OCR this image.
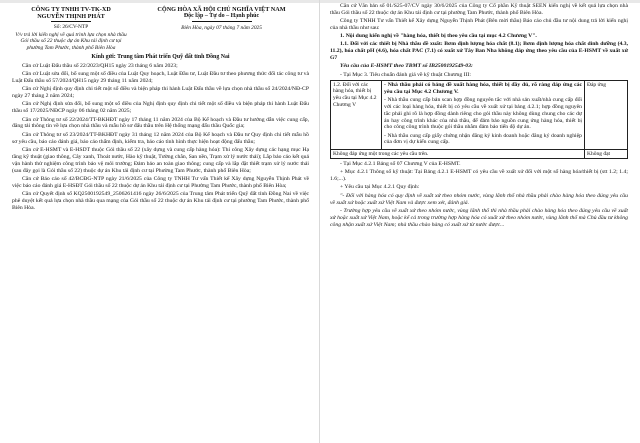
CÔNG TY TNHH TV-TK-XD
NGUYỄN THỊNH PHÁT
Số: 26/CV-NTP
V/v trả lời kiến nghị về quá trình lựa chọn nhà thầu Gói thầu số 22 thuộc dự án Khu tái định cư tại phường Tam Phước, thành phố Biên Hòa
CỘNG HÒA XÃ HỘI CHỦ NGHĨA VIỆT NAM
Độc lập – Tự do – Hạnh phúc
Biên Hòa, ngày 07 tháng 7 năm 2025
Kính gửi: Trung tâm Phát triển Quỹ đất tỉnh Đồng Nai

Căn cứ Luật Đấu thầu số 22/2023/QH15 ngày 23 tháng 6 năm 2023;

Căn cứ Luật sửa đổi, bổ sung một số điều của Luật Quy hoạch, Luật Đầu tư, Luật Đầu tư theo phương thức đối tác công tư và Luật Đấu thầu số 57/2024/QH15 ngày 29 tháng 11 năm 2024;

Căn cứ Nghị định quy định chi tiết một số điều và biện pháp thi hành Luật Đấu thầu về lựa chọn nhà thầu số 24/2024/NĐ-CP ngày 27 tháng 2 năm 2024;

Căn cứ Nghị định sửa đổi, bổ sung một số điều của Nghị định quy định chi tiết một số điều và biện pháp thi hành Luật Đấu thầu số 17/2025/NĐCP ngày 06 tháng 02 năm 2025;

Căn cứ Thông tư số 22/2024/TT-BKHĐT ngày 17 tháng 11 năm 2024 của Bộ Kế hoạch và Đầu tư hướng dẫn việc cung cấp, đăng tải thông tin về lựa chọn nhà thầu và mẫu hồ sơ đấu thầu trên Hệ thống mạng đấu thầu Quốc gia;

Căn cứ Thông tư số 23/2024/TT-BKHĐT ngày 31 tháng 12 năm 2024 của Bộ Kế hoạch và Đầu tư Quy định chi tiết mẫu hồ sơ yêu cầu, báo cáo đánh giá, báo cáo thẩm định, kiểm tra, báo cáo tình hình thực hiện hoạt động đấu thầu;

Căn cứ E-HSMT và E-HSDT thuộc Gói thầu số 22 (xây dựng và cung cấp hàng hóa): Thi công Xây dựng các hạng mục Hạ tầng kỹ thuật (giao thông, Cây xanh, Thoát nước, Hào kỹ thuật, Tường chắn, San nền, Trạm xử lý nước thải); Lắp bảo cáo kết quả vận hành thử nghiệm công trình bảo vệ môi trường; Đảm bảo an toàn giao thông; cung cấp và lắp đặt thiết trạm xử lý nước thải (sau đây gọi là Gói thầu số 22) thuộc dự án Khu tái định cư tại Phường Tam Phước, thành phố Biên Hòa;

Căn cứ Báo cáo số 42/BCĐG-NTP ngày 21/6/2025 của Công ty TNHH Tư vấn Thiết kế Xây dựng Nguyễn Thịnh Phát về việc báo cáo đánh giá E-HSĐT Gói thầu số 22 thuộc dự án Khu tái định cư tại Phường Tam Phước, thành phố Biên Hòa;

Căn cứ Quyết định số KQ2500192549_2506261416 ngày 26/6/2025 của Trung tâm Phát triển Quỹ đất tỉnh Đồng Nai về việc phê duyệt kết quả lựa chọn nhà thầu qua mạng của Gói thầu số 22 thuộc dự án Khu tái định cư tại phường Tam Phước, thành phố Biên Hòa.

Căn cứ Văn bản số 01/S25-07/CV ngày 30/6/2025 của Công ty Cổ phần Kỹ thuật SEEN kiến nghị về kết quả lựa chọn nhà thầu Gói thầu số 22 thuộc dự án Khu tái định cư tại phường Tam Phước, thành phố Biên Hòa.

Công ty TNHH Tư vấn Thiết kế Xây dựng Nguyễn Thịnh Phát (Bên mời thầu) Báo cáo chủ đầu tư nội dung trả lời kiến nghị của nhà thầu như sau:

1. Nội dung kiến nghị về "hàng hóa, thiết bị theo yêu cầu tại mục 4.2 Chương V".

1.1. Đối với các thiết bị Nhà thầu đề xuất: Bơm định lượng hóa chất (8.1); Bơm định lượng hóa chất dinh dưỡng (4.3, 11.2), hóa chất pH (4.6), hóa chất PAC (7.1) có xuất xứ Tây Ban Nha không đáp ứng theo yêu cầu của E-HSMT về xuất xứ G7

Yêu cầu của E-HSMT theo TBMT số IB2500192549-03:

- Tại Mục 3. Tiêu chuẩn đánh giá về kỹ thuật Chương III:

1.2. Đối với các hàng hóa, thiết bị yêu cầu tại Mục 4.2 Chương V	- Nhà thầu phải có bảng đề xuất hàng hóa, thiết bị đầy đủ, rõ ràng đáp ứng các yêu cầu tại Mục 4.2 Chương V.

- Nhà thầu cung cấp bản scan hợp đồng nguyên tắc với nhà sản xuất/nhà cung cấp đối với các loại hàng hóa, thiết bị có yêu cầu về xuất xứ tại bảng 4.2.1; hợp đồng nguyên tắc phải ghi rõ là hợp đồng dành riêng cho gói thầu này không dùng chung cho các dự án hay công trình khác của nhà thầu, để đảm bảo nguồn cung ứng hàng hóa, thiết bị cho công công trình thuộc gói thầu nhằm đảm bảo tiến độ dự án.

- Nhà thầu cung cấp giấy chứng nhận đăng ký kinh doanh hoặc đăng ký doanh nghiệp của đơn vị dự kiến cung cấp.	Đáp ứng
Không đáp ứng một trong các yêu cầu trên.		Không đạt

- Tại Mục 4.2.1 Bảng số 07 Chương V của E-HSMT.

+ Mục 4.2.1 Thông số kỹ thuật: Tại Bảng 4.2.1 E-HSMT có yêu cầu về xuất xứ đối với một số hàng hóa/thiết bị (stt 1.2; 1.4; 1.6;...).

+ Yêu cầu tại Mục 4.2.1 Quy định:

"- Đối với hàng hóa có quy định về xuất xứ theo nhóm nước, vùng lãnh thổ nhà thầu phải chào hàng hóa theo đúng yêu cầu về xuất xứ hoặc xuất xứ Việt Nam và được xem xét, đánh giá.

- Trường hợp yêu cầu về xuất xứ theo nhóm nước, vùng lãnh thổ thì nhà thầu phải chào hàng hóa theo đúng yêu cầu về xuất xứ hoặc xuất xứ Việt Nam, hoặc kể cả trong trường hợp hàng hóa có xuất xứ theo nhóm nước, vùng lãnh thổ mà Chủ đầu tư không công nhận xuất xứ Việt Nam; nhà thầu chào hàng có xuất xứ từ nước được...
